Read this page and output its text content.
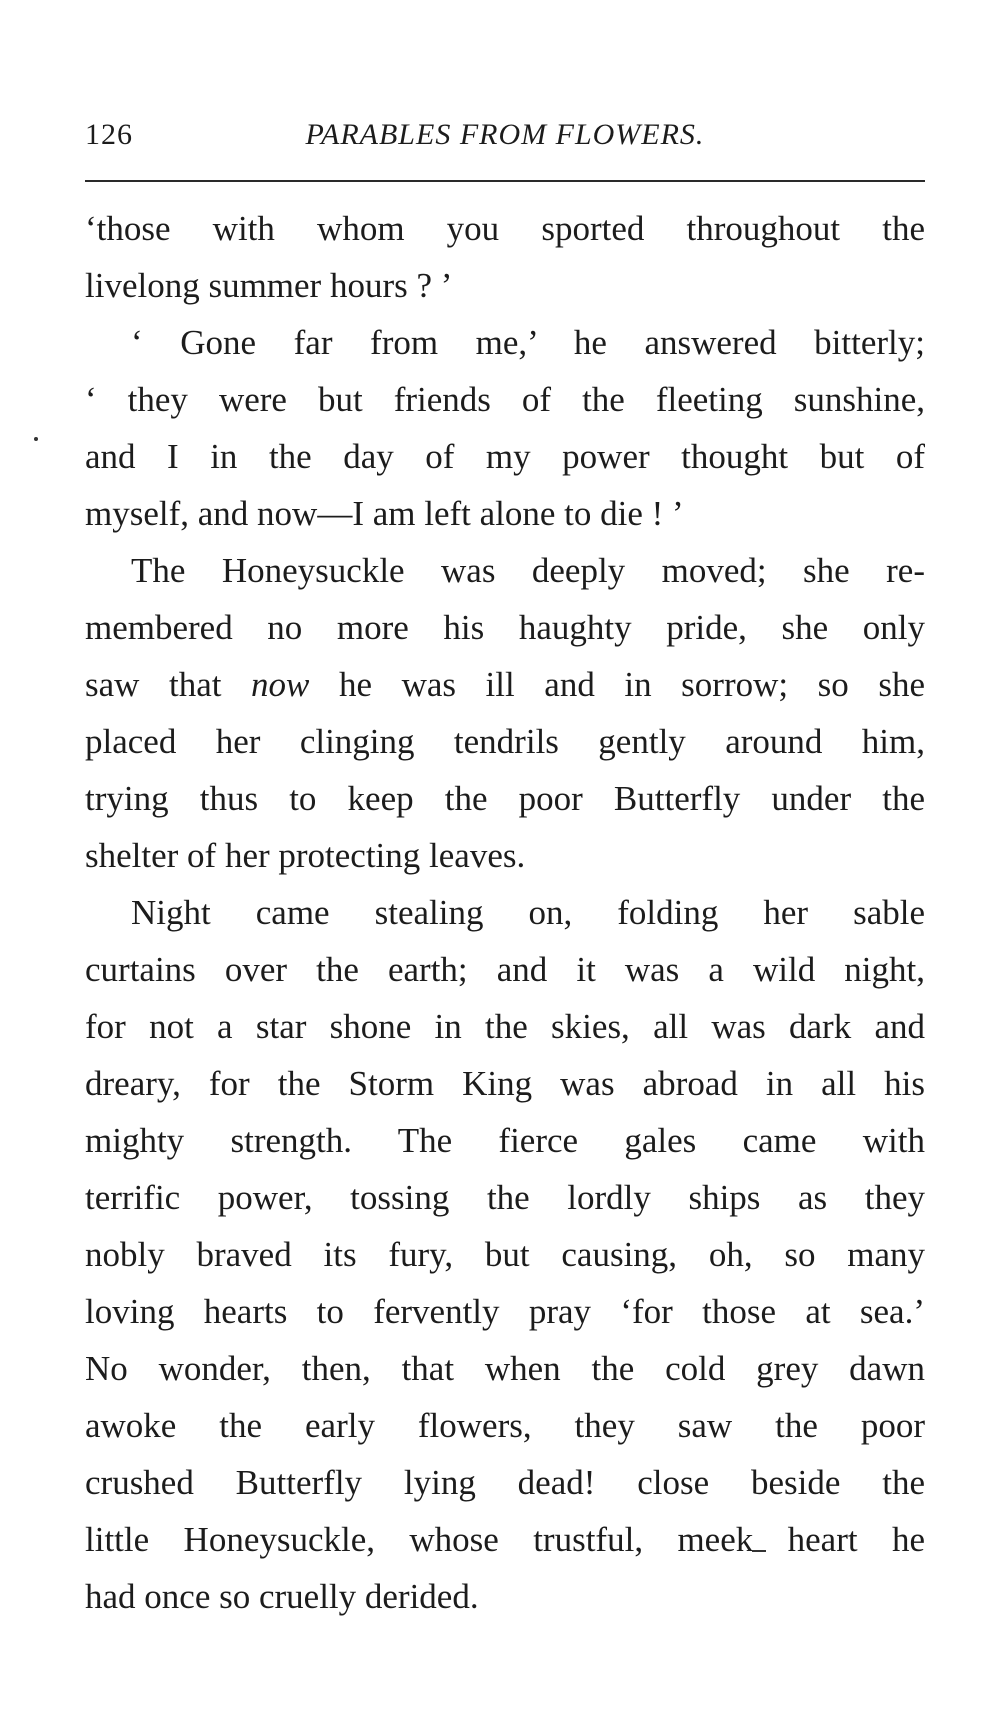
126	PARABLES FROM FLOWERS.
‘those with whom you sported throughout the
livelong summer hours ? ’
‘ Gone far from me,’ he answered bitterly;
‘ they were but friends of the fleeting sunshine,
and I in the day of my power thought but of
myself, and now—I am left alone to die ! ’
The Honeysuckle was deeply moved; she re-
membered no more his haughty pride, she only
saw that now he was ill and in sorrow; so she
placed her clinging tendrils gently around him,
trying thus to keep the poor Butterfly under the
shelter of her protecting leaves.
Night came stealing on, folding her sable
curtains over the earth; and it was a wild night,
for not a star shone in the skies, all was dark and
dreary, for the Storm King was abroad in all his
mighty strength. The fierce gales came with
terrific power, tossing the lordly ships as they
nobly braved its fury, but causing, oh, so many
loving hearts to fervently pray ‘for those at sea.’
No wonder, then, that when the cold grey dawn
awoke the early flowers, they saw the poor
crushed Butterfly lying dead! close beside the
little Honeysuckle, whose trustful, meek heart he
had once so cruelly derided.
